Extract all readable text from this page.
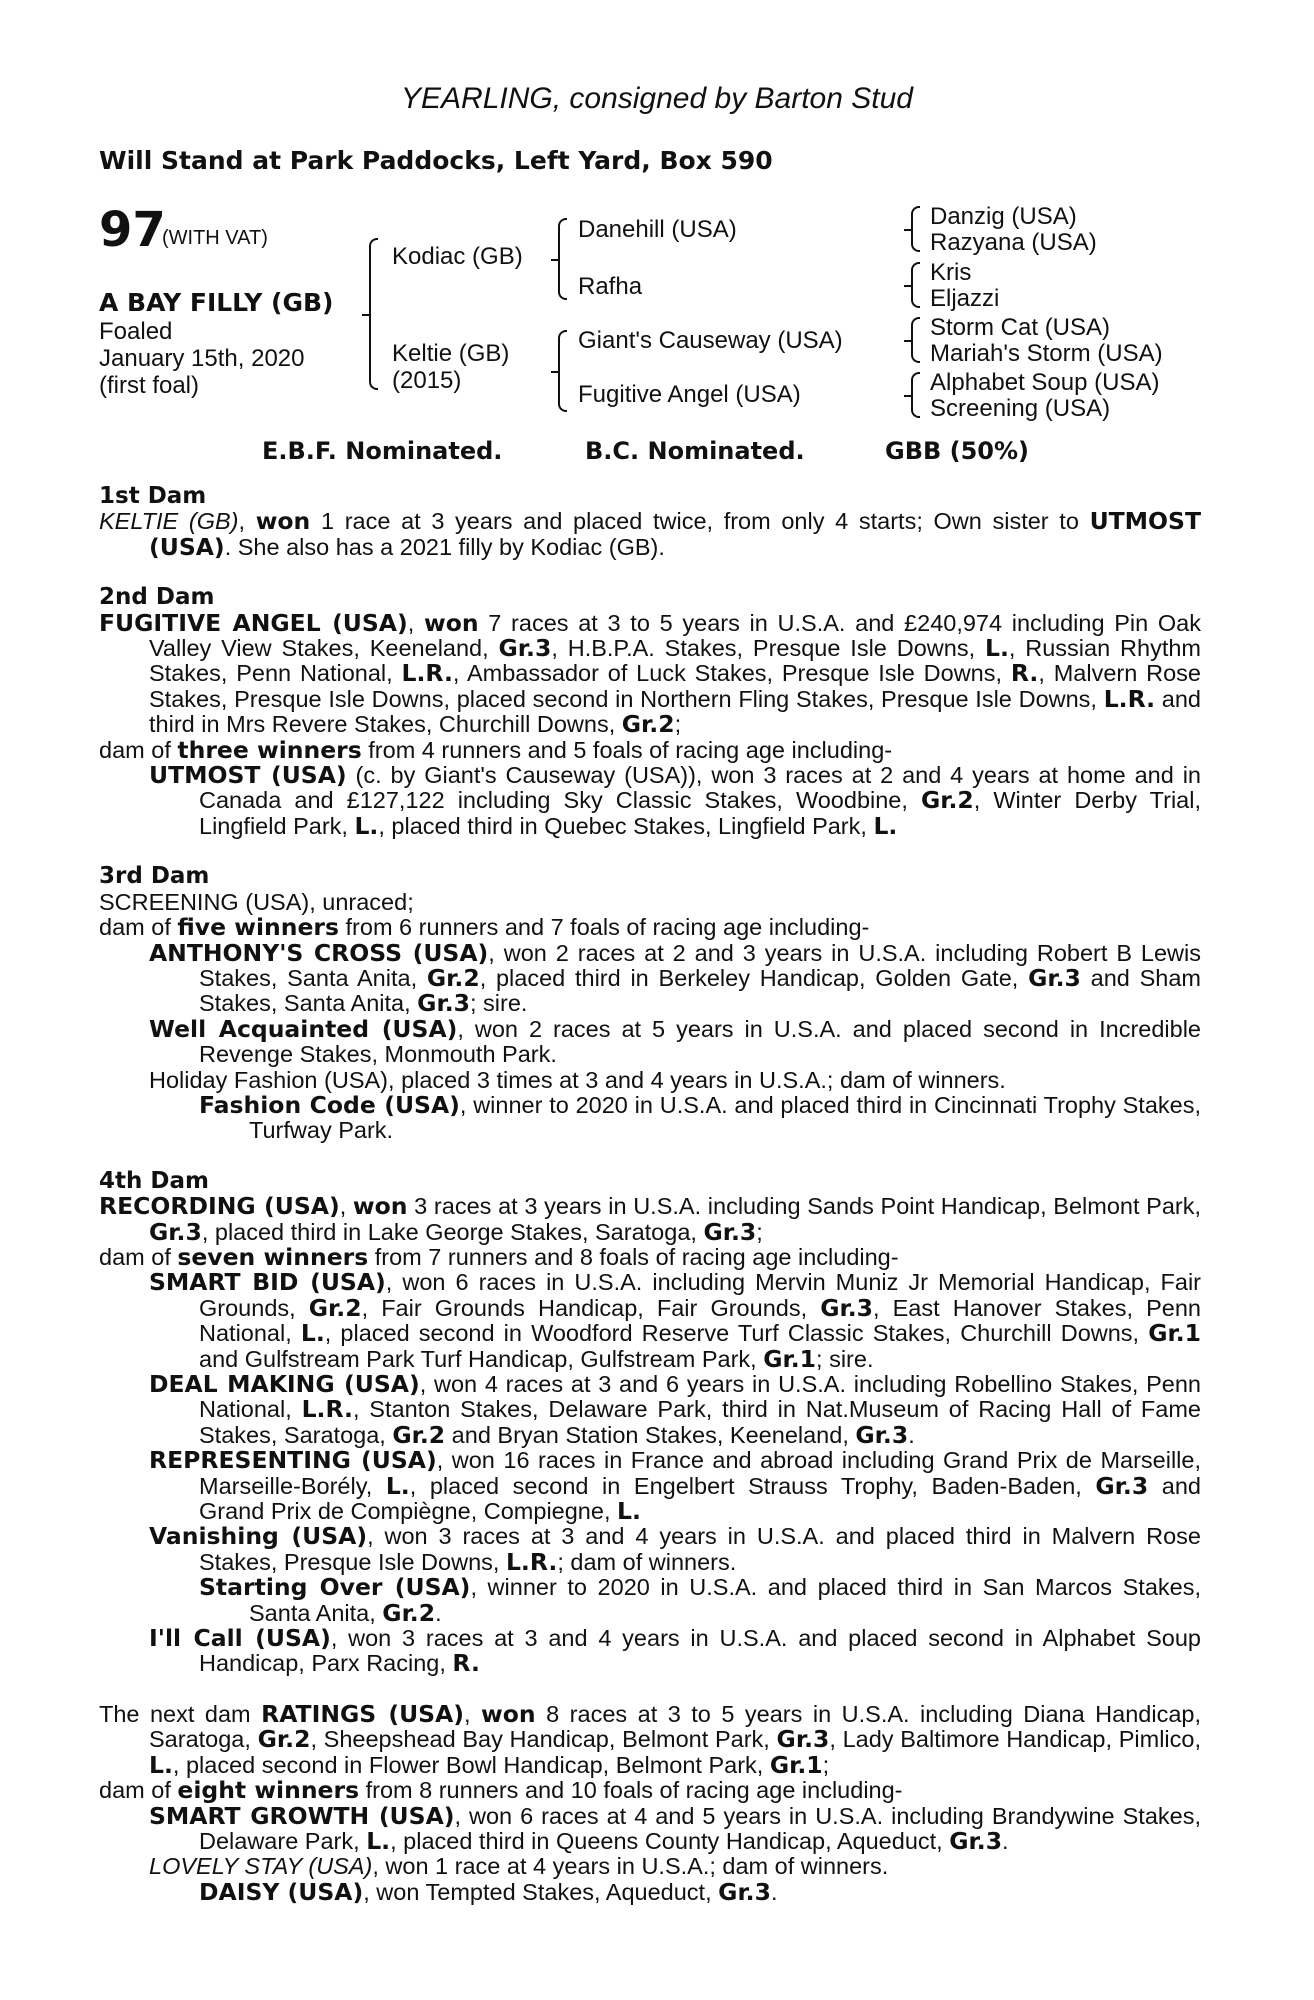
YEARLING, consigned by Barton Stud
Will Stand at Park Paddocks, Left Yard, Box 590
97
(WITH VAT)
A BAY FILLY (GB)
Foaled
January 15th, 2020
(first foal)
Kodiac (GB)
Keltie (GB)
(2015)
Danehill (USA)
Rafha
Giant's Causeway (USA)
Fugitive Angel (USA)
Danzig (USA)
Razyana (USA)
Kris
Eljazzi
Storm Cat (USA)
Mariah's Storm (USA)
Alphabet Soup (USA)
Screening (USA)
E.B.F. Nominated.	B.C. Nominated.	GBB (50%)

1st Dam

KELTIE (GB), won 1 race at 3 years and placed twice, from only 4 starts; Own sister to UTMOST (USA). She also has a 2021 filly by Kodiac (GB).

2nd Dam

FUGITIVE ANGEL (USA), won 7 races at 3 to 5 years in U.S.A. and £240,974 including Pin Oak Valley View Stakes, Keeneland, Gr.3, H.B.P.A. Stakes, Presque Isle Downs, L., Russian Rhythm Stakes, Penn National, L.R., Ambassador of Luck Stakes, Presque Isle Downs, R., Malvern Rose Stakes, Presque Isle Downs, placed second in Northern Fling Stakes, Presque Isle Downs, L.R. and third in Mrs Revere Stakes, Churchill Downs, Gr.2;

dam of three winners from 4 runners and 5 foals of racing age including-

UTMOST (USA) (c. by Giant's Causeway (USA)), won 3 races at 2 and 4 years at home and in Canada and £127,122 including Sky Classic Stakes, Woodbine, Gr.2, Winter Derby Trial, Lingfield Park, L., placed third in Quebec Stakes, Lingfield Park, L.

3rd Dam

SCREENING (USA), unraced;

dam of five winners from 6 runners and 7 foals of racing age including-

ANTHONY'S CROSS (USA), won 2 races at 2 and 3 years in U.S.A. including Robert B Lewis Stakes, Santa Anita, Gr.2, placed third in Berkeley Handicap, Golden Gate, Gr.3 and Sham Stakes, Santa Anita, Gr.3; sire.

Well Acquainted (USA), won 2 races at 5 years in U.S.A. and placed second in Incredible Revenge Stakes, Monmouth Park.

Holiday Fashion (USA), placed 3 times at 3 and 4 years in U.S.A.; dam of winners.

Fashion Code (USA), winner to 2020 in U.S.A. and placed third in Cincinnati Trophy Stakes, Turfway Park.

4th Dam

RECORDING (USA), won 3 races at 3 years in U.S.A. including Sands Point Handicap, Belmont Park, Gr.3, placed third in Lake George Stakes, Saratoga, Gr.3;

dam of seven winners from 7 runners and 8 foals of racing age including-

SMART BID (USA), won 6 races in U.S.A. including Mervin Muniz Jr Memorial Handicap, Fair Grounds, Gr.2, Fair Grounds Handicap, Fair Grounds, Gr.3, East Hanover Stakes, Penn National, L., placed second in Woodford Reserve Turf Classic Stakes, Churchill Downs, Gr.1 and Gulfstream Park Turf Handicap, Gulfstream Park, Gr.1; sire.

DEAL MAKING (USA), won 4 races at 3 and 6 years in U.S.A. including Robellino Stakes, Penn National, L.R., Stanton Stakes, Delaware Park, third in Nat.Museum of Racing Hall of Fame Stakes, Saratoga, Gr.2 and Bryan Station Stakes, Keeneland, Gr.3.

REPRESENTING (USA), won 16 races in France and abroad including Grand Prix de Marseille, Marseille-Borély, L., placed second in Engelbert Strauss Trophy, Baden-Baden, Gr.3 and Grand Prix de Compiègne, Compiegne, L.

Vanishing (USA), won 3 races at 3 and 4 years in U.S.A. and placed third in Malvern Rose Stakes, Presque Isle Downs, L.R.; dam of winners.

Starting Over (USA), winner to 2020 in U.S.A. and placed third in San Marcos Stakes, Santa Anita, Gr.2.

I'll Call (USA), won 3 races at 3 and 4 years in U.S.A. and placed second in Alphabet Soup Handicap, Parx Racing, R.

The next dam RATINGS (USA), won 8 races at 3 to 5 years in U.S.A. including Diana Handicap, Saratoga, Gr.2, Sheepshead Bay Handicap, Belmont Park, Gr.3, Lady Baltimore Handicap, Pimlico, L., placed second in Flower Bowl Handicap, Belmont Park, Gr.1;

dam of eight winners from 8 runners and 10 foals of racing age including-

SMART GROWTH (USA), won 6 races at 4 and 5 years in U.S.A. including Brandywine Stakes, Delaware Park, L., placed third in Queens County Handicap, Aqueduct, Gr.3.

LOVELY STAY (USA), won 1 race at 4 years in U.S.A.; dam of winners.

DAISY (USA), won Tempted Stakes, Aqueduct, Gr.3.
